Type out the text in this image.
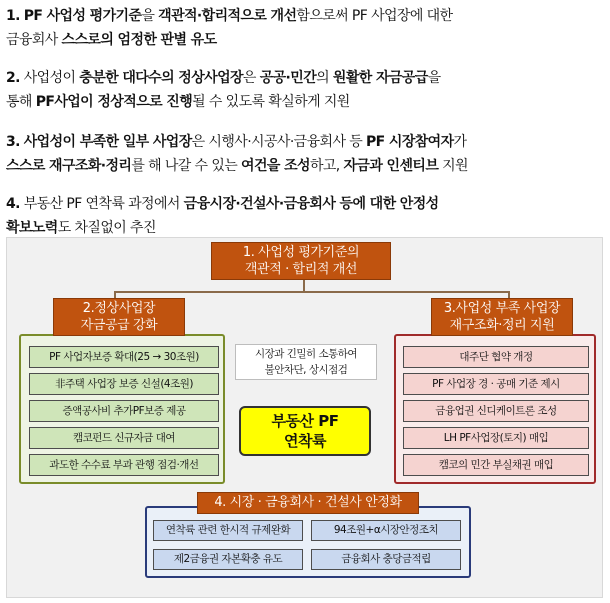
1. PF 사업성 평가기준을 객관적·합리적으로 개선함으로써 PF 사업장에 대한
금융회사 스스로의 엄정한 판별 유도
2. 사업성이 충분한 대다수의 정상사업장은 공공·민간의 원활한 자금공급을
통해 PF사업이 정상적으로 진행될 수 있도록 확실하게 지원
3. 사업성이 부족한 일부 사업장은 시행사·시공사·금융회사 등 PF 시장참여자가
스스로 재구조화·정리를 해 나갈 수 있는 여건을 조성하고, 자금과 인센티브 지원
4. 부동산 PF 연착륙 과정에서 금융시장·건설사·금융회사 등에 대한 안정성
확보노력도 차질없이 추진
1. 사업성 평가기준의
객관적 · 합리적 개선
PF 사업자보증 확대(25 → 30조원)
非주택 사업장 보증 신설(4조원)
증액공사비 추가PF보증 제공
캠코펀드 신규자금 대여
과도한 수수료 부과 관행 점검·개선
2.정상사업장
자금공급 강화
대주단 협약 개정
PF 사업장 경 · 공매 기준 제시
금융업권 신디케이트론 조성
LH PF사업장(토지) 매입
캠코의 민간 부실채권 매입
3.사업성 부족 사업장
재구조화·정리 지원
시장과 긴밀히 소통하여
불안차단, 상시점검
부동산 PF
연착륙
연착륙 관련 한시적 규제완화	94조원+α시장안정조치
제2금융권 자본확충 유도	금융회사 충당금적립
4. 시장 · 금융회사 · 건설사 안정화
